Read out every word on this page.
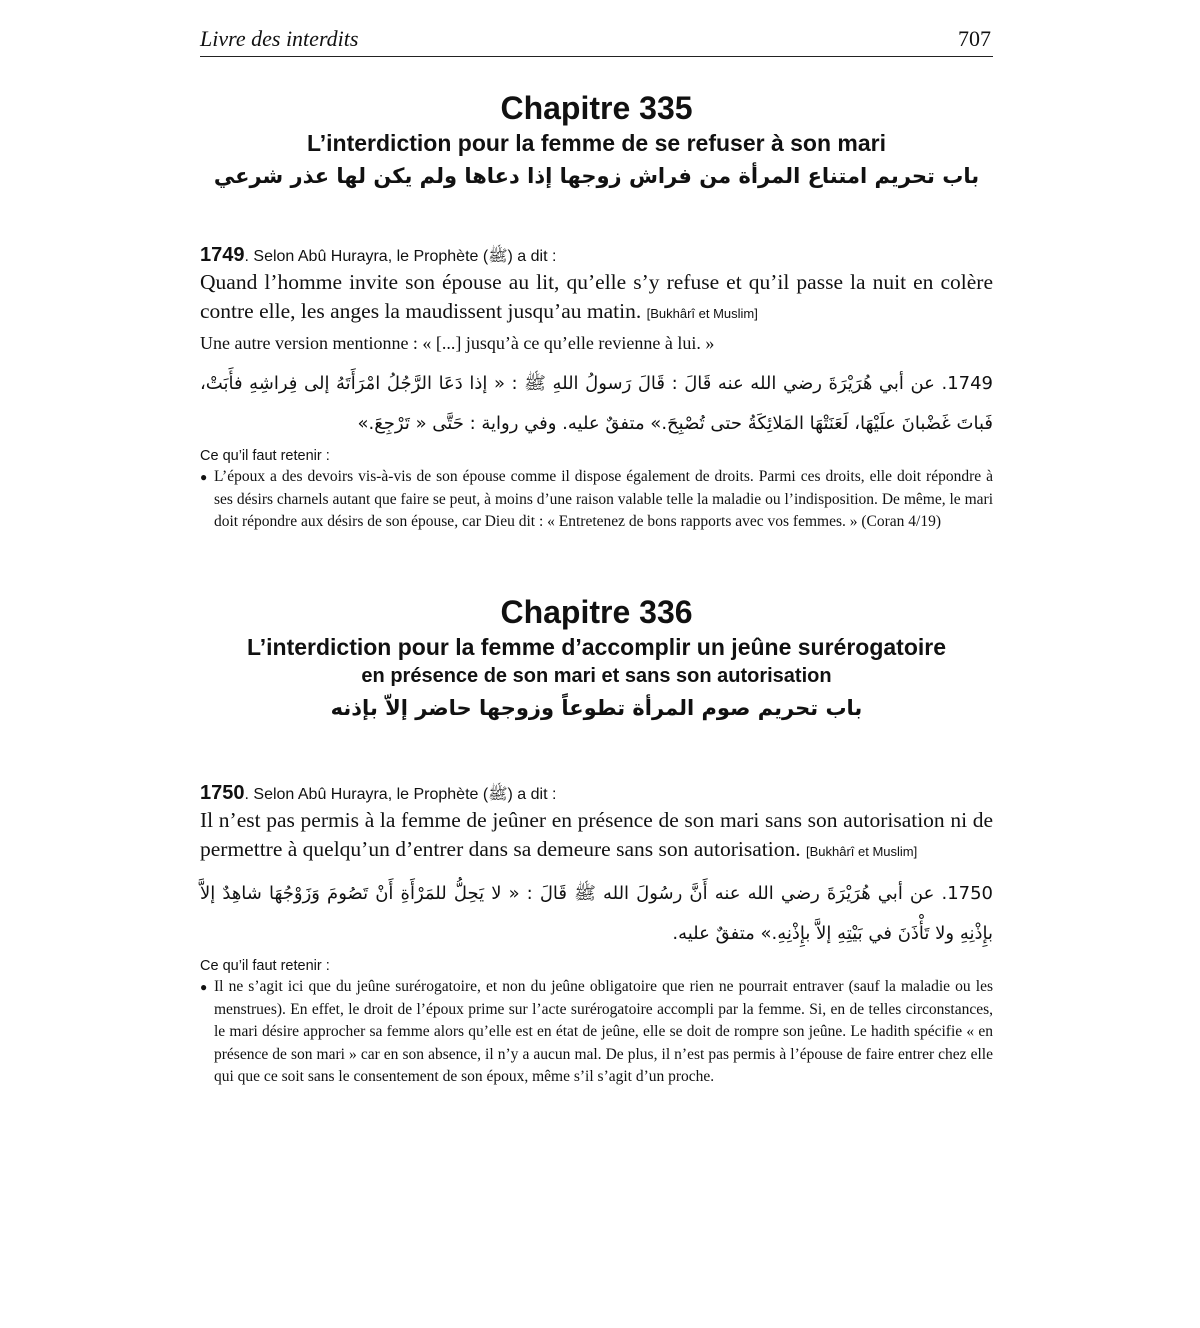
Livre des interdits	707
Chapitre 335
L’interdiction pour la femme de se refuser à son mari
باب تحريم امتناع المرأة من فراش زوجها إذا دعاها ولم يكن لها عذر شرعي
1749. Selon Abû Hurayra, le Prophète (ﷺ) a dit :
Quand l’homme invite son épouse au lit, qu’elle s’y refuse et qu’il passe la nuit en colère contre elle, les anges la maudissent jusqu’au matin. [Bukhârî et Muslim]
Une autre version mentionne : « [...] jusqu’à ce qu’elle revienne à lui. »
1749. عن أبي هُرَيْرَةَ رضي الله عنه قَالَ : قَالَ رَسولُ اللهِ ﷺ : « إذا دَعَا الرَّجُلُ امْرَأَتَهُ إلى فِراشِهِ فأَبَتْ، فَباتَ غَضْبانَ علَيْهَا، لَعَنَتْهَا المَلائِكَةُ حتى تُصْبِحَ.» متفقٌ عليه. وفي رواية : حَتَّى « تَرْجِعَ.»
Ce qu’il faut retenir :
● L’époux a des devoirs vis-à-vis de son épouse comme il dispose également de droits. Parmi ces droits, elle doit répondre à ses désirs charnels autant que faire se peut, à moins d’une raison valable telle la maladie ou l’indisposition. De même, le mari doit répondre aux désirs de son épouse, car Dieu dit : « Entretenez de bons rapports avec vos femmes. » (Coran 4/19)
Chapitre 336
L’interdiction pour la femme d’accomplir un jeûne surérogatoire
en présence de son mari et sans son autorisation
باب تحريم صوم المرأة تطوعاً وزوجها حاضر إلاّ بإذنه
1750. Selon Abû Hurayra, le Prophète (ﷺ) a dit :
Il n’est pas permis à la femme de jeûner en présence de son mari sans son autorisation ni de permettre à quelqu’un d’entrer dans sa demeure sans son autorisation. [Bukhârî et Muslim]
1750. عن أبي هُرَيْرَةَ رضي الله عنه أَنَّ رسُولَ الله ﷺ قَالَ : « لا يَحِلُّ للمَرْأَةِ أَنْ تَصُومَ وَزَوْجُهَا شاهِدٌ إلاَّ بإِذْنِهِ ولا تَأْذَنَ في بَيْتِهِ إلاَّ بإِذْنِهِ.» متفقٌ عليه.
Ce qu’il faut retenir :
● Il ne s’agit ici que du jeûne surérogatoire, et non du jeûne obligatoire que rien ne pourrait entraver (sauf la maladie ou les menstrues). En effet, le droit de l’époux prime sur l’acte surérogatoire accompli par la femme. Si, en de telles circonstances, le mari désire approcher sa femme alors qu’elle est en état de jeûne, elle se doit de rompre son jeûne. Le hadith spécifie « en présence de son mari » car en son absence, il n’y a aucun mal. De plus, il n’est pas permis à l’épouse de faire entrer chez elle qui que ce soit sans le consentement de son époux, même s’il s’agit d’un proche.
